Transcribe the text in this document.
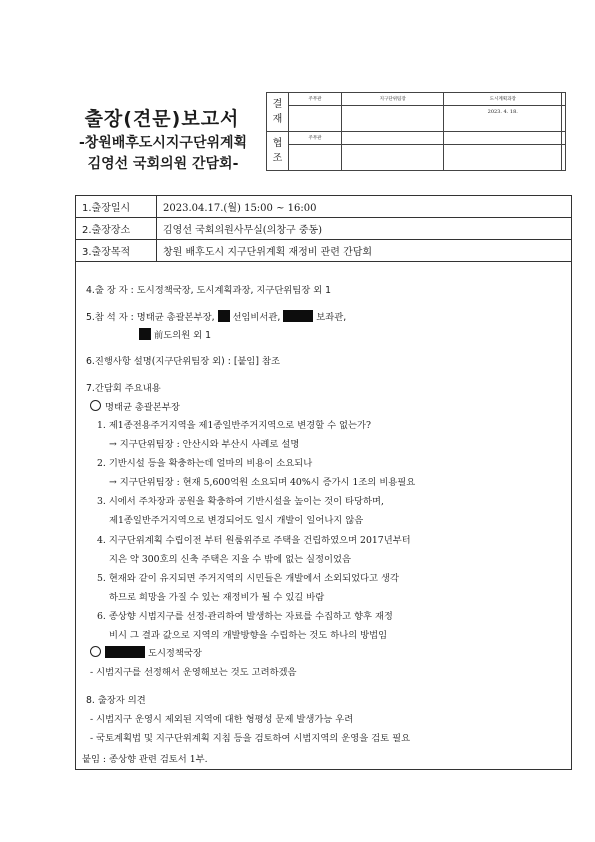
출장(견문)보고서
-창원배후도시지구단위계획
김영선 국회의원 간담회-
결
재	주무관	지구단위팀장	도시계획과장	
			2023. 4. 18.	
협
조	주무관			

1.출장일시	2023.04.17.(월) 15:00 ~ 16:00
2.출장장소	김영선 국회의원사무실(의창구 중동)
3.출장목적	창원 배후도시 지구단위계획 재정비 관련 간담회
4.출 장 자 : 도시정책국장, 도시계획과장, 지구단위팀장 외 1
5.참 석 자 : 명태균 총괄본부장, 선임비서관,	보좌관,
前도의원 외 1
6.진행사항 설명(지구단위팀장 외) : [붙임] 참조
7.간담회 주요내용
명태균 총괄본부장
1. 제1종전용주거지역을 제1종일반주거지역으로 변경할 수 없는가?
→ 지구단위팀장 : 안산시와 부산시 사례로 설명
2. 기반시설 등을 확충하는데 얼마의 비용이 소요되나
→ 지구단위팀장 : 현재 5,600억원 소요되며 40%시 증가시 1조의 비용필요
3. 시에서 주차장과 공원을 확충하여 기반시설을 높이는 것이 타당하며,
제1종일반주거지역으로 변경되어도 일시 개발이 일어나지 않음
4. 지구단위계획 수립이전 부터 원룸위주로 주택을 건립하였으며 2017년부터
지은 약 300호의 신축 주택은 지을 수 밖에 없는 실정이었음
5. 현재와 같이 유지되면 주거지역의 시민들은 개발에서 소외되었다고 생각
하므로 희망을 가질 수 있는 재정비가 될 수 있길 바람
6. 종상향 시범지구를 선정·관리하여 발생하는 자료를 수집하고 향후 재정
비시 그 결과 값으로 지역의 개발방향을 수립하는 것도 하나의 방법임
도시정책국장
- 시범지구를 선정해서 운영해보는 것도 고려하겠음
8. 출장자 의견
- 시범지구 운영시 제외된 지역에 대한 형평성 문제 발생가능 우려
- 국토계획법 및 지구단위계획 지침 등을 검토하여 시범지역의 운영을 검토 필요
붙임 : 종상향 관련 검토서 1부.
